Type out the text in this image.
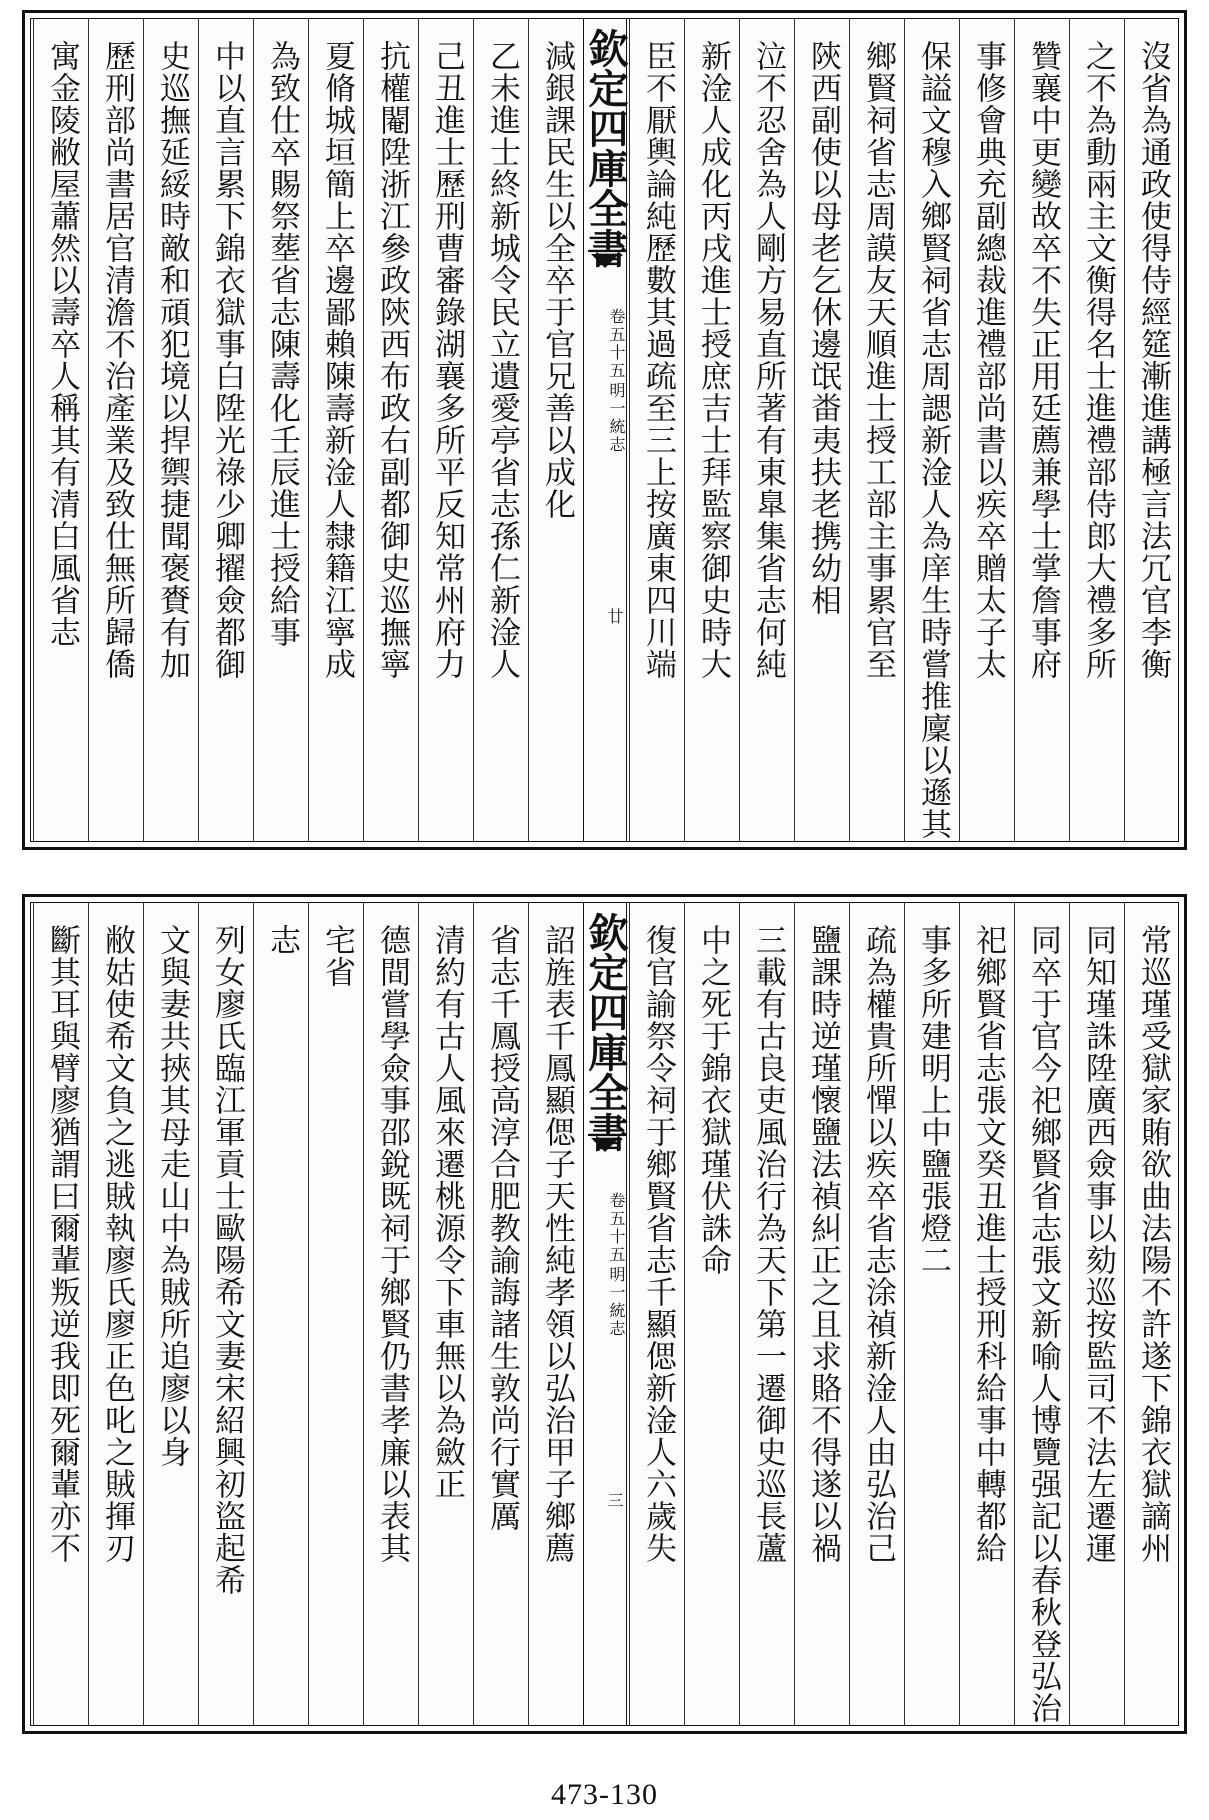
沒省為通政使得侍經筵漸進講極言法冗官李衡
之不為動兩主文衡得名士進禮部侍郎大禮多所
贊襄中更變故卒不失正用廷薦兼學士掌詹事府
事修會典充副總裁進禮部尚書以疾卒贈太子太
保謚文穆入鄉賢祠省志周諰新淦人為庠生時嘗推廩以遜其
鄉賢祠省志周謨友天順進士授工部主事累官至
陝西副使以母老乞休邊氓畨夷扶老携幼相
泣不忍舍為人剛方易直所著有東臯集省志何純
新淦人成化丙戌進士授庶吉士拜監察御史時大
臣不厭輿論純歷數其過疏至三上按廣東四川端
欽定四庫全書
明一統志
卷五十五
廿
減銀課民生以全卒于官兄善以成化
乙未進士終新城令民立遺愛亭省志孫仁新淦人
己丑進士歷刑曹審錄湖襄多所平反知常州府力
抗權閹陞浙江參政陝西布政右副都御史巡撫寧
夏脩城垣簡上卒邊鄙賴陳壽新淦人隸籍江寧成
為致仕卒賜祭塟省志陳壽化壬辰進士授給事
中以直言累下錦衣獄事白陞光祿少卿擢僉都御
史巡撫延綏時敵和頑犯境以捍禦捷聞褒賚有加
歷刑部尚書居官清澹不治產業及致仕無所歸僑
寓金陵敝屋蕭然以壽卒人稱其有清白風省志
常巡瑾受獄家賄欲曲法陽不許遂下錦衣獄謫州
同知瑾誅陞廣西僉事以劾巡按監司不法左遷運
同卒于官今祀鄉賢省志張文新喻人博覽强記以春秋登弘治
祀鄉賢省志張文癸丑進士授刑科給事中轉都給
事多所建明上中鹽張燈二
疏為權貴所憚以疾卒省志涂禎新淦人由弘治己
鹽課時逆瑾懷鹽法禎糾正之且求賂不得遂以禍
三載有古良吏風治行為天下第一遷御史巡長蘆
中之死于錦衣獄瑾伏誅命
復官諭祭令祠于鄉賢省志千顯偲新淦人六歲失
欽定四庫全書
明一統志
卷五十五
三
詔旌表千鳳顯偲子天性純孝領以弘治甲子鄉薦
省志千鳳授高淳合肥教諭誨諸生敦尚行實厲
清約有古人風來遷桃源令下車無以為斂正
德間嘗學僉事邵銳既祠于鄉賢仍書孝廉以表其
宅省
志
列女廖氏臨江軍貢士歐陽希文妻宋紹興初盜起希
文與妻共挾其母走山中為賊所追廖以身
敝姑使希文負之逃賊執廖氏廖正色叱之賊揮刃
斷其耳與臂廖猶謂曰爾輩叛逆我即死爾輩亦不
473-130
